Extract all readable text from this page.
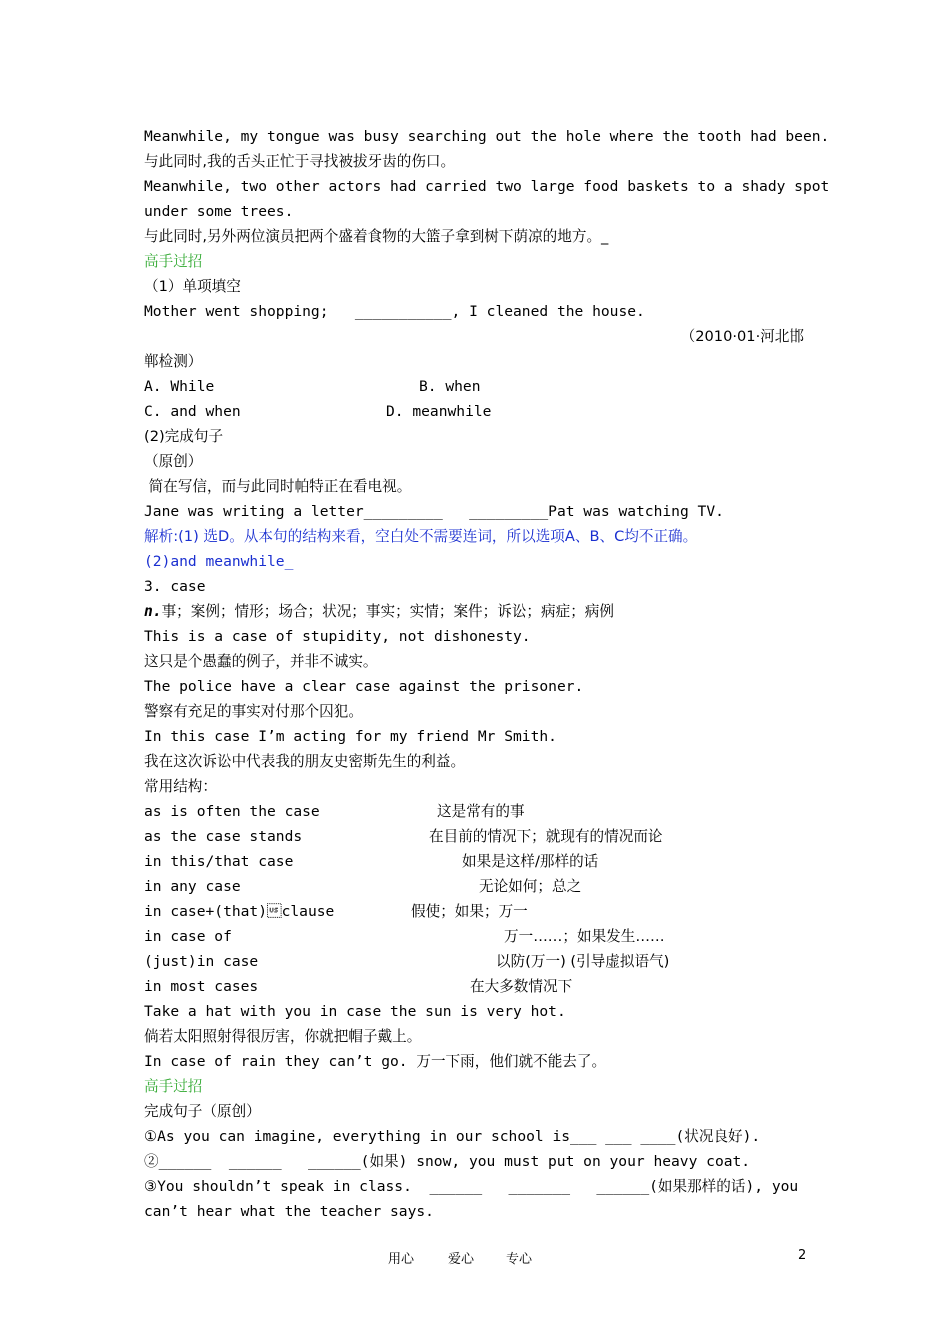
Meanwhile, my tongue was busy searching out the hole where the tooth had been.
与此同时,我的舌头正忙于寻找被拔牙齿的伤口。
Meanwhile, two other actors had carried two large food baskets to a shady spot
under some trees.
与此同时,另外两位演员把两个盛着食物的大篮子拿到树下荫凉的地方。_
高手过招
（1）单项填空
Mother went shopping;   ___________, I cleaned the house.
（2010·01·河北邯
郸检测）
A. While	B. when
C. and when	D. meanwhile
(2)完成句子
（原创）
简在写信，而与此同时帕特正在看电视。
Jane was writing a letter_________   _________Pat was watching TV.
解析:(1) 选D。从本句的结构来看，空白处不需要连词，所以选项A、B、C均不正确。
(2)and meanwhile_
3. case
n.事；案例；情形；场合；状况；事实；实情；案件；诉讼；病症；病例
This is a case of stupidity, not dishonesty.
这只是个愚蠢的例子，并非不诚实。
The police have a clear case against the prisoner.
警察有充足的事实对付那个囚犯。
In this case I’m acting for my friend Mr Smith.
我在这次诉讼中代表我的朋友史密斯先生的利益。
常用结构：
as is often the case	这是常有的事
as the case stands	在目前的情况下；就现有的情况而论
in this/that case	如果是这样/那样的话
in any case	无论如何；总之
in case+(that)clause	假使；如果；万一
in case of	万一……；如果发生……
(just)in case	以防(万一) (引导虚拟语气)
in most cases	在大多数情况下
Take a hat with you in case the sun is very hot.
倘若太阳照射得很厉害，你就把帽子戴上。
In case of rain they can’t go. 万一下雨，他们就不能去了。
高手过招
完成句子（原创）
①As you can imagine, everything in our school is___ ___ ____(状况良好).
②______  ______   ______(如果) snow, you must put on your heavy coat.
③You shouldn’t speak in class.  ______   _______   ______(如果那样的话), you
can’t hear what the teacher says.
用心	爱心 专心	2
